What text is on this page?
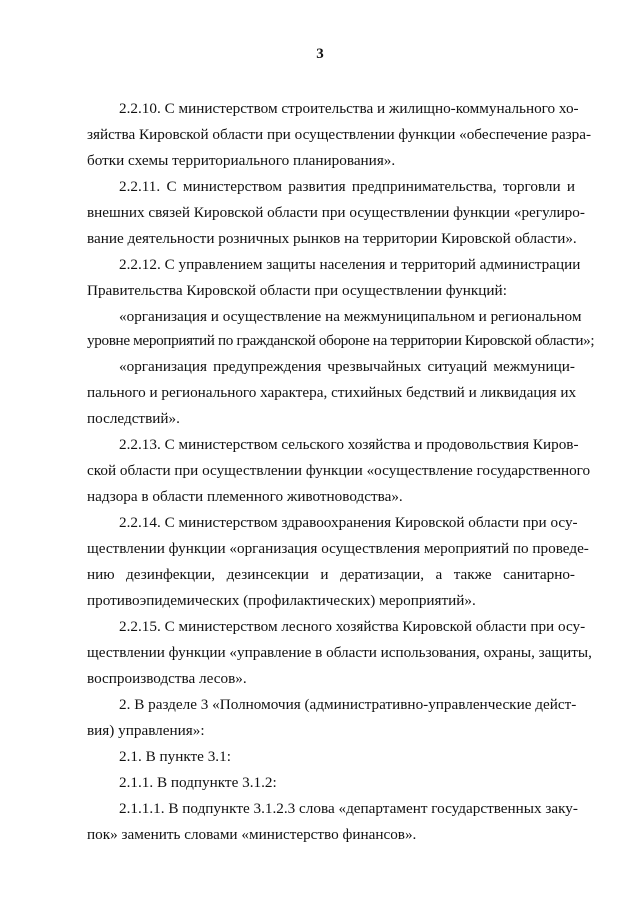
3
2.2.10. С министерством строительства и жилищно-коммунального хо-
зяйства Кировской области при осуществлении функции «обеспечение разра-
ботки схемы территориального планирования».
2.2.11. С министерством развития предпринимательства, торговли и
внешних связей Кировской области при осуществлении функции «регулиро-
вание деятельности розничных рынков на территории Кировской области».
2.2.12. С управлением защиты населения и территорий администрации
Правительства Кировской области при осуществлении функций:
«организация и осуществление на межмуниципальном и региональном
уровне мероприятий по гражданской обороне на территории Кировской области»;
«организация предупреждения чрезвычайных ситуаций межмуници-
пального и регионального характера, стихийных бедствий и ликвидация их
последствий».
2.2.13. С министерством сельского хозяйства и продовольствия Киров-
ской области при осуществлении функции «осуществление государственного
надзора в области племенного животноводства».
2.2.14. С министерством здравоохранения Кировской области при осу-
ществлении функции «организация осуществления мероприятий по проведе-
нию дезинфекции, дезинсекции и дератизации, а также санитарно-
противоэпидемических (профилактических) мероприятий».
2.2.15. С министерством лесного хозяйства Кировской области при осу-
ществлении функции «управление в области использования, охраны, защиты,
воспроизводства лесов».
2. В разделе 3 «Полномочия (административно-управленческие дейст-
вия) управления»:
2.1. В пункте 3.1:
2.1.1. В подпункте 3.1.2:
2.1.1.1. В подпункте 3.1.2.3 слова «департамент государственных заку-
пок» заменить словами «министерство финансов».
